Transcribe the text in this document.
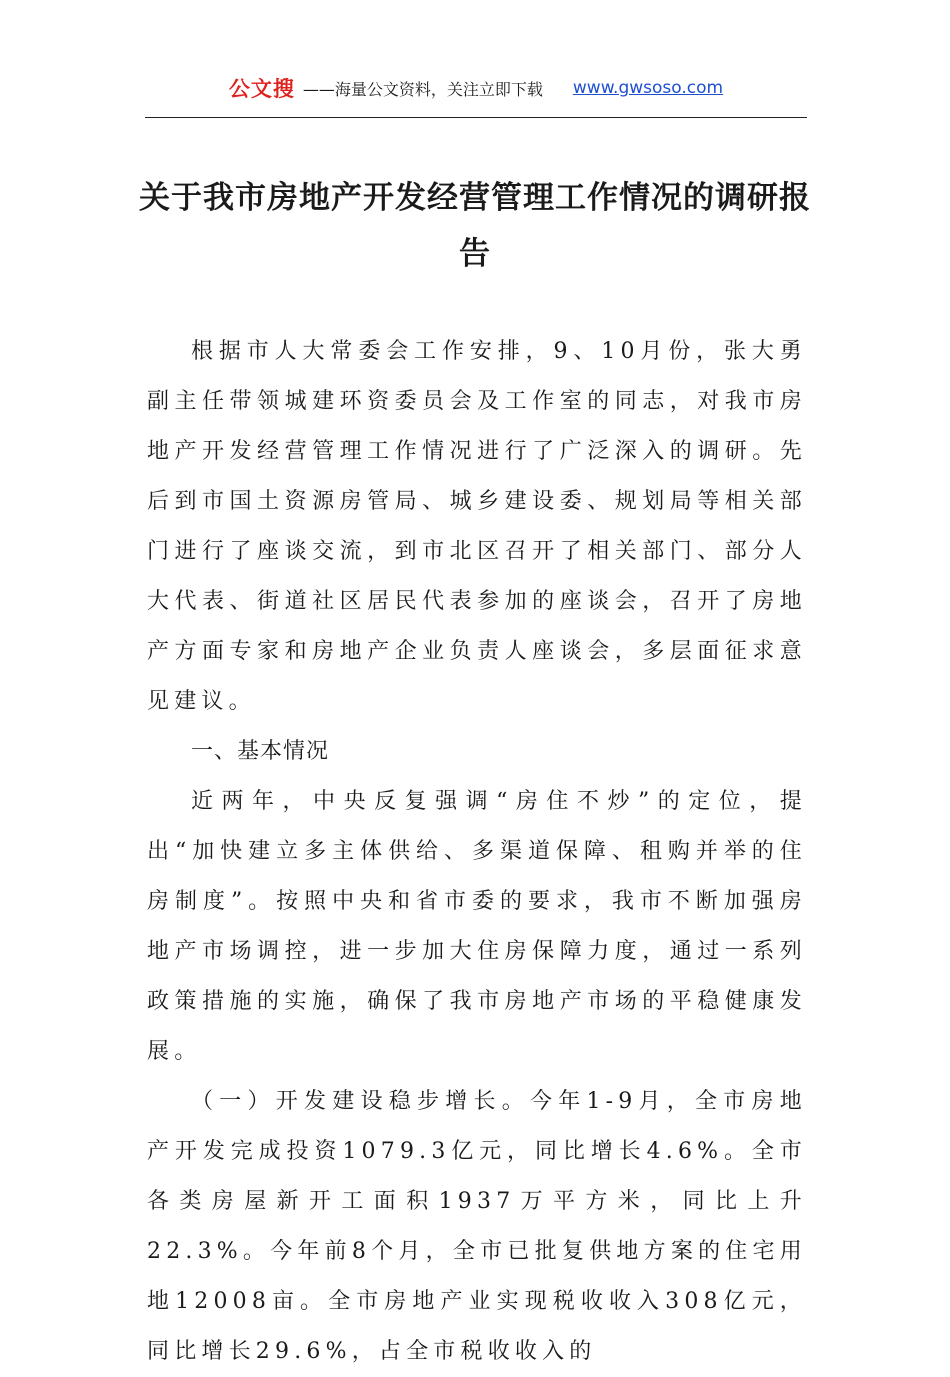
公文搜 ——海量公文资料，关注立即下载 www.gwsoso.com
关于我市房地产开发经营管理工作情况的调研报告

根据市人大常委会工作安排，9、10月份，张大勇副主任带领城建环资委员会及工作室的同志，对我市房地产开发经营管理工作情况进行了广泛深入的调研。先后到市国土资源房管局、城乡建设委、规划局等相关部门进行了座谈交流，到市北区召开了相关部门、部分人大代表、街道社区居民代表参加的座谈会，召开了房地产方面专家和房地产企业负责人座谈会，多层面征求意见建议。

一、基本情况

近两年，中央反复强调“房住不炒”的定位，提出“加快建立多主体供给、多渠道保障、租购并举的住房制度”。按照中央和省市委的要求，我市不断加强房地产市场调控，进一步加大住房保障力度，通过一系列政策措施的实施，确保了我市房地产市场的平稳健康发展。

（一）开发建设稳步增长。今年1-9月，全市房地产开发完成投资1079.3亿元，同比增长4.6%。全市各类房屋新开工面积1937万平方米，同比上升22.3%。今年前8个月，全市已批复供地方案的住宅用地12008亩。全市房地产业实现税收收入308亿元，同比增长29.6%，占全市税收收入的
